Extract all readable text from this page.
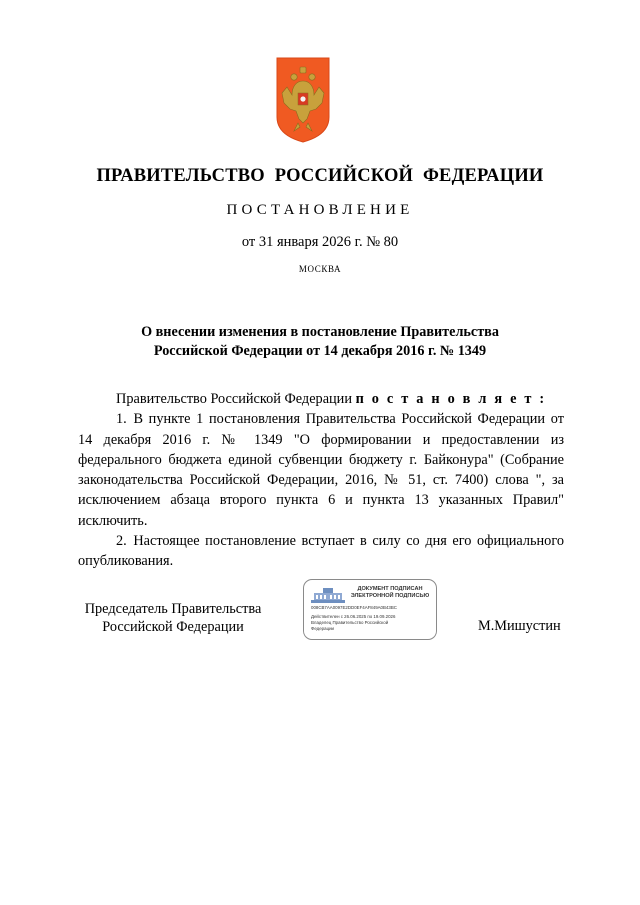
ПРАВИТЕЛЬСТВО РОССИЙСКОЙ ФЕДЕРАЦИИ
ПОСТАНОВЛЕНИЕ
от 31 января 2026 г. № 80
МОСКВА
О внесении изменения в постановление Правительства
Российской Федерации от 14 декабря 2016 г. № 1349

Правительство Российской Федерации п о с т а н о в л я е т :

1. В пункте 1 постановления Правительства Российской Федерации от 14 декабря 2016 г. № 1349 "О формировании и предоставлении из федерального бюджета единой субвенции бюджету г. Байконура" (Собрание законодательства Российской Федерации, 2016, № 51, ст. 7400) слова ", за исключением абзаца второго пункта 6 и пункта 13 указанных Правил" исключить.

2. Настоящее постановление вступает в силу со дня его официального опубликования.

Председатель Правительства
Российской Федерации
ДОКУМЕНТ ПОДПИСАН
ЭЛЕКТРОННОЙ ПОДПИСЬЮ
008CB7AA0097E2DD0EF4AF849A0B43BC
Действителен с 26.06.2025 по 19.09.2026
Владелец Правительство Российской
Федерации	М.Мишустин
